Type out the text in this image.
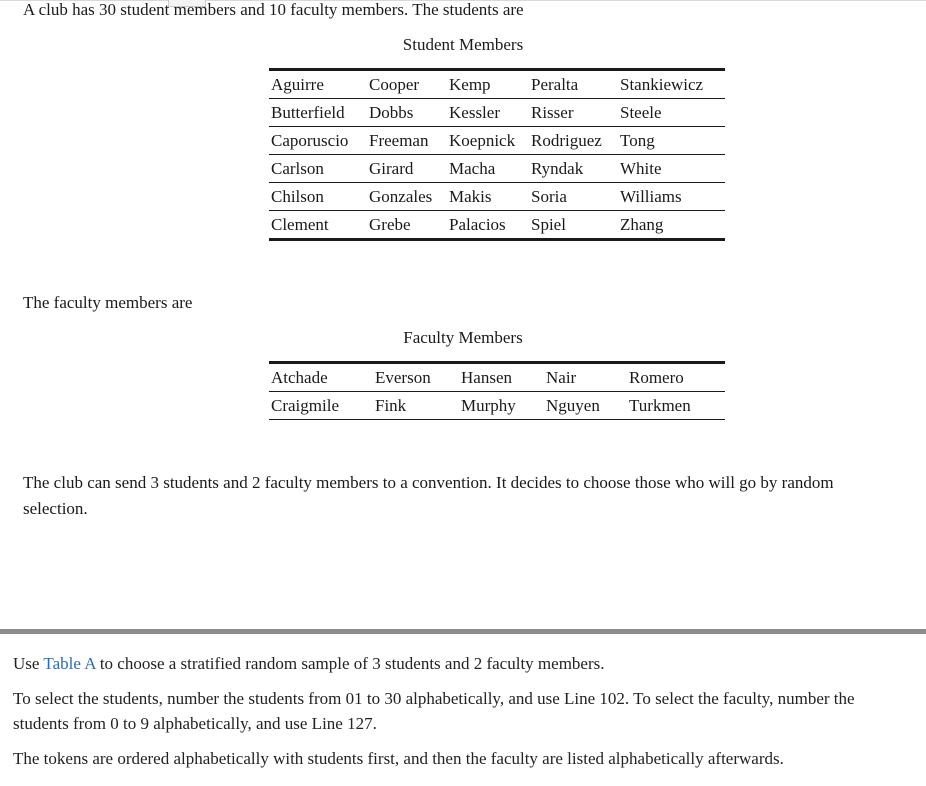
A club has 30 student members and 10 faculty members. The students are

Student Members

Aguirre	Cooper	Kemp	Peralta	Stankiewicz
Butterfield	Dobbs	Kessler	Risser	Steele
Caporuscio	Freeman	Koepnick	Rodriguez	Tong
Carlson	Girard	Macha	Ryndak	White
Chilson	Gonzales	Makis	Soria	Williams
Clement	Grebe	Palacios	Spiel	Zhang

The faculty members are

Faculty Members

Atchade	Everson	Hansen	Nair	Romero
Craigmile	Fink	Murphy	Nguyen	Turkmen

The club can send 3 students and 2 faculty members to a convention. It decides to choose those who will go by random selection.

Use Table A to choose a stratified random sample of 3 students and 2 faculty members.

To select the students, number the students from 01 to 30 alphabetically, and use Line 102. To select the faculty, number the students from 0 to 9 alphabetically, and use Line 127.

The tokens are ordered alphabetically with students first, and then the faculty are listed alphabetically afterwards.
